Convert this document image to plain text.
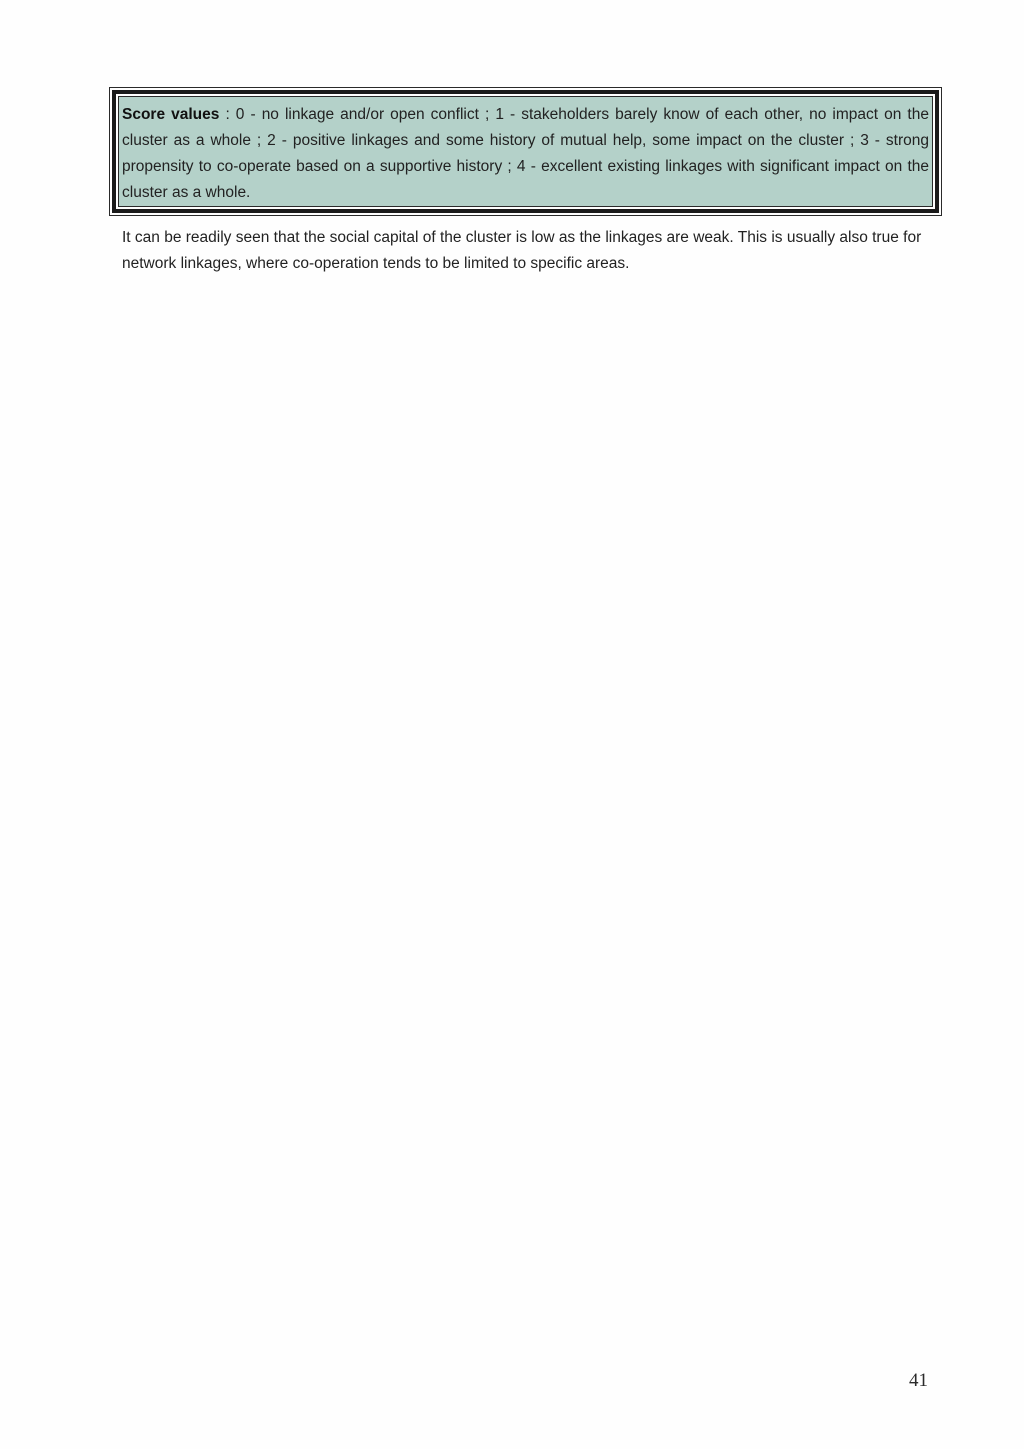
Score values : 0 - no linkage and/or open conflict ; 1 - stakeholders barely know of each other, no impact on the cluster as a whole ; 2 - positive linkages and some history of mutual help, some impact on the cluster ; 3 - strong propensity to co-operate based on a supportive history ; 4 - excellent existing linkages with significant impact on the cluster as a whole.

It can be readily seen that the social capital of the cluster is low as the linkages are weak. This is usually also true for network linkages, where co-operation tends to be limited to specific areas.

41
